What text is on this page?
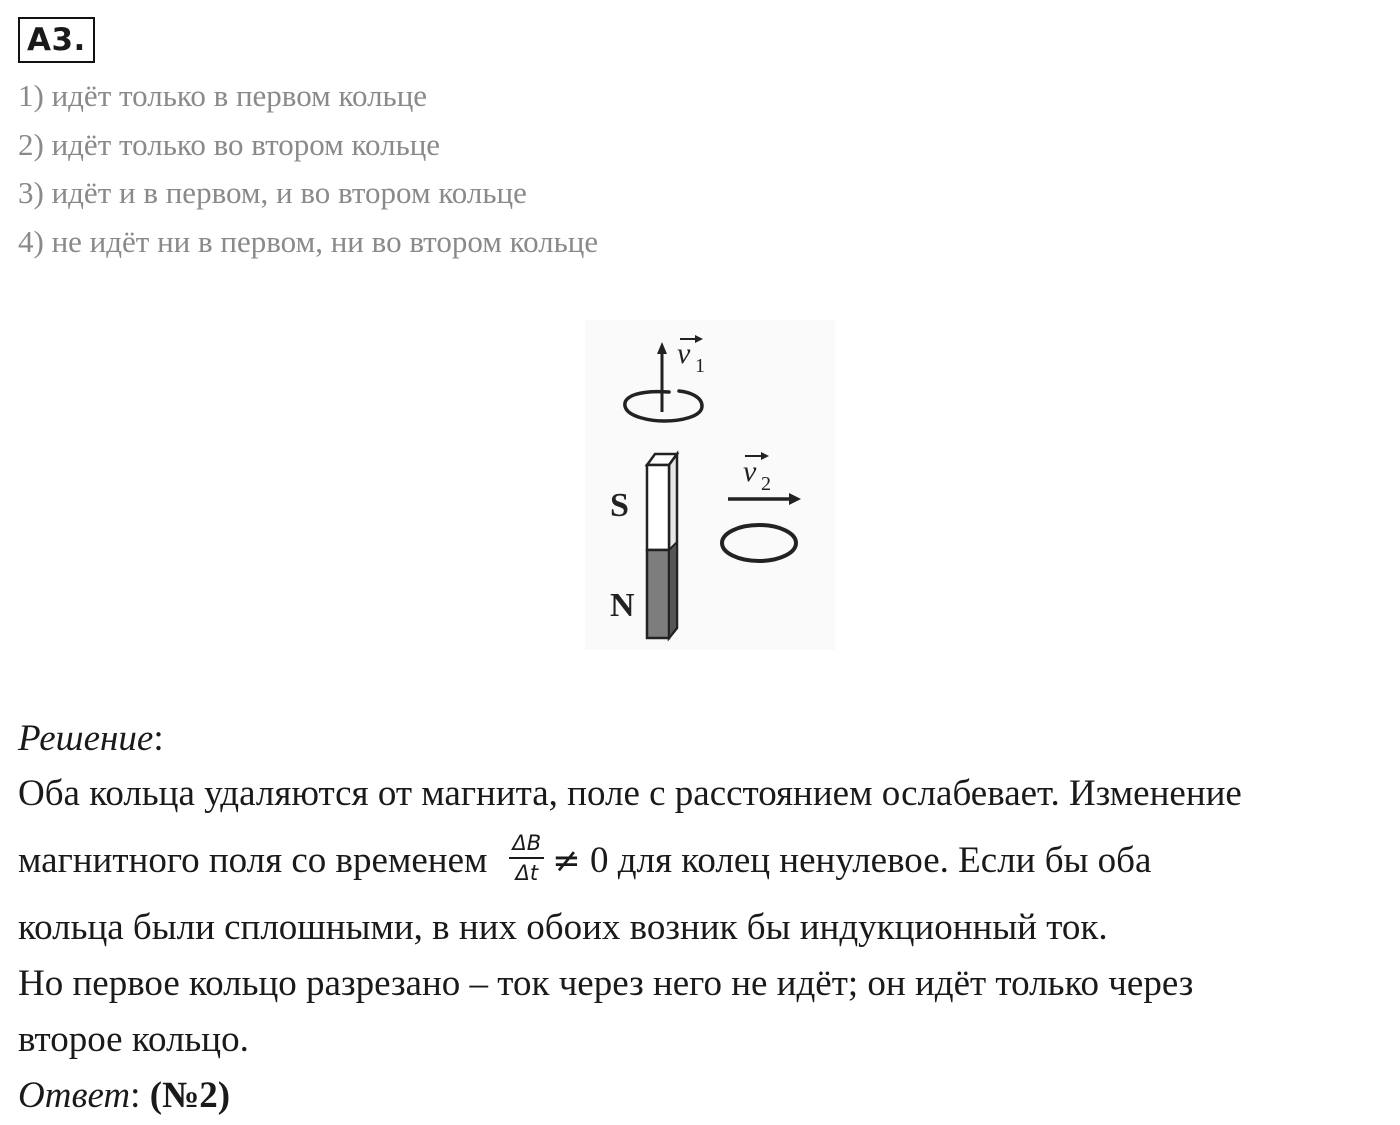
А3.
1) идёт только в первом кольце
2) идёт только во втором кольце
3) идёт и в первом, и во втором кольце
4) не идёт ни в первом, ни во втором кольце
v 1
S
N
v 2
Решение:
Оба кольца удаляются от магнита, поле с расстоянием ослабевает. Изменение
магнитного поля со временем $\frac{\Delta B}{\Delta t} \ne 0$ для колец ненулевое. Если бы оба
кольца были сплошными, в них обоих возник бы индукционный ток.
Но первое кольцо разрезано – ток через него не идёт; он идёт только через
второе кольцо.
Ответ: (№2)
